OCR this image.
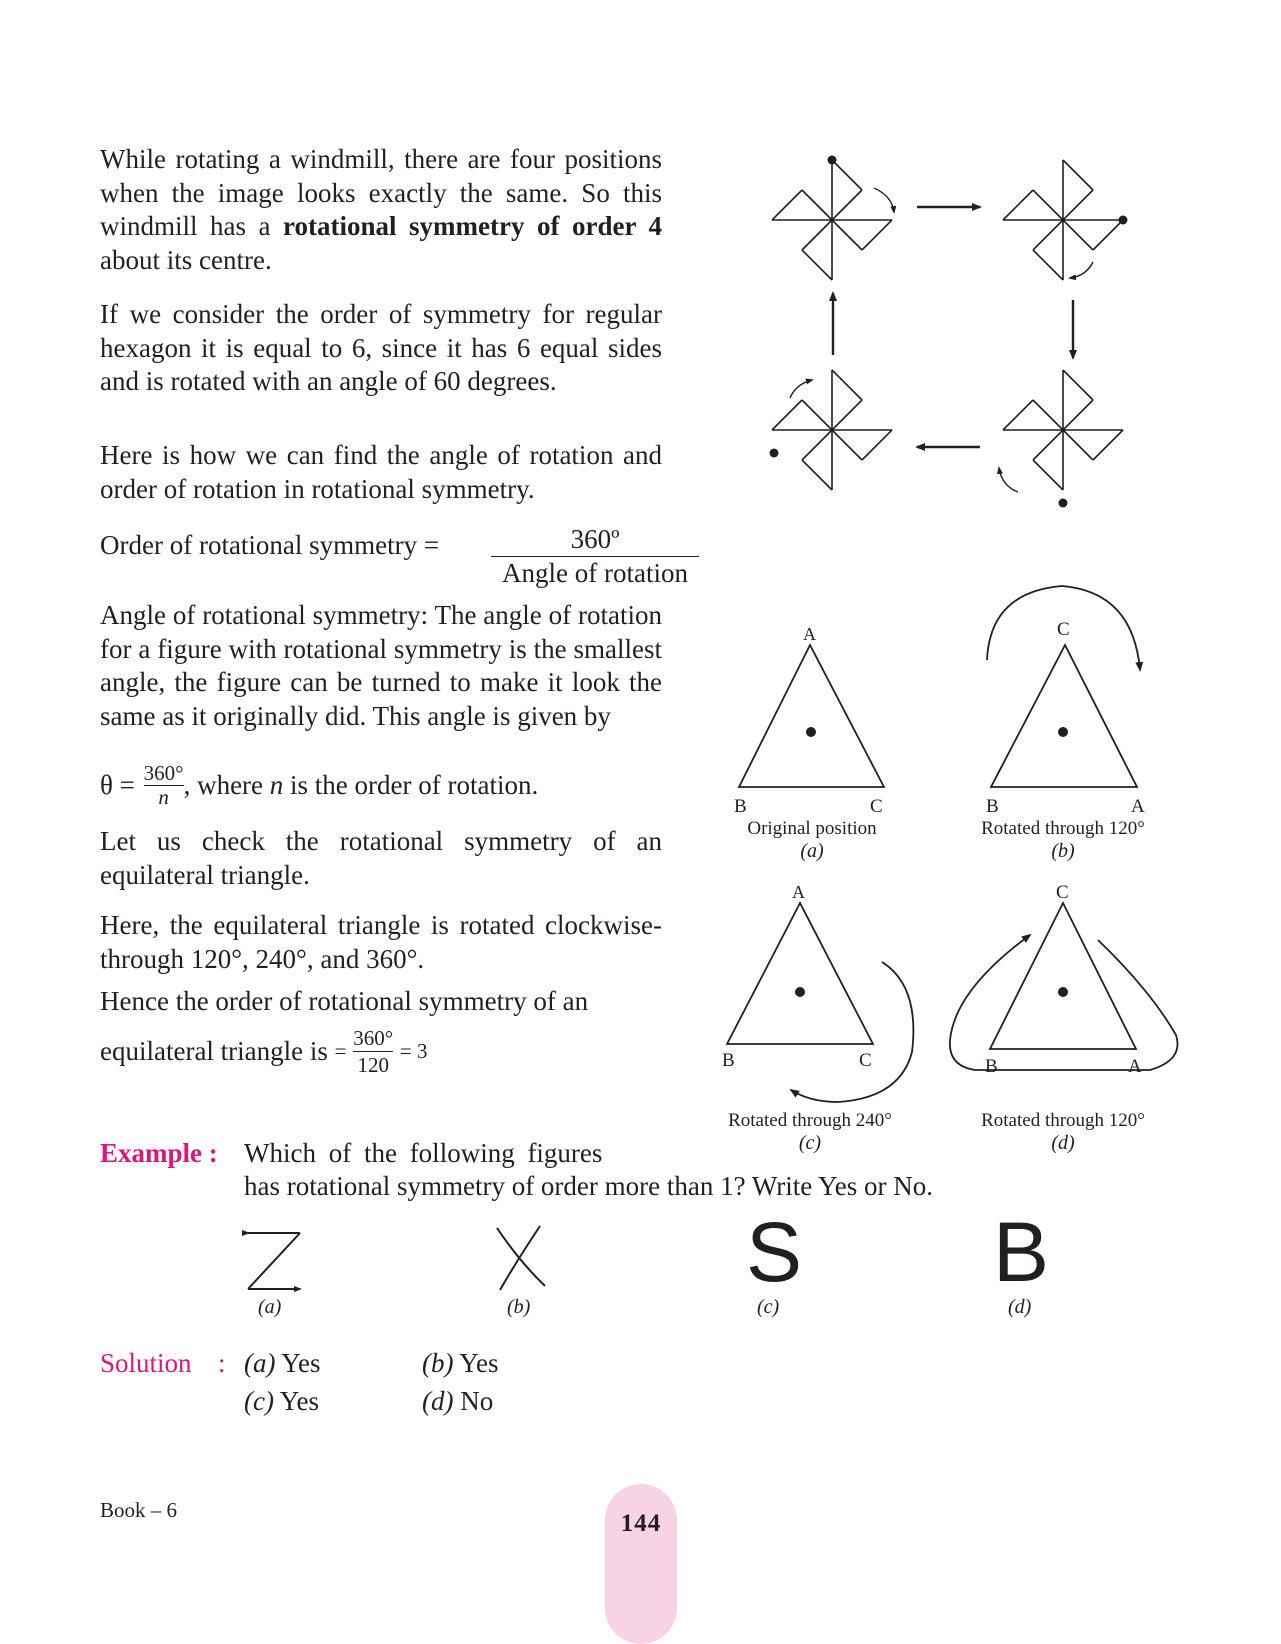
While rotating a windmill, there are four positions when the image looks exactly the same. So this windmill has a rotational symmetry of order 4 about its centre.

If we consider the order of symmetry for regular hexagon it is equal to 6, since it has 6 equal sides and is rotated with an angle of 60 degrees.

Here is how we can find the angle of rotation and order of rotation in rotational symmetry.

Order of rotational symmetry =	360º
Angle of rotation

Angle of rotational symmetry: The angle of rotation for a figure with rotational symmetry is the smallest angle, the figure can be turned to make it look the same as it originally did. This angle is given by

$\theta = \frac{360^\circ}{n}$ , where n is the order of rotation.

Let us check the rotational symmetry of an equilateral triangle.

Here, the equilateral triangle is rotated clockwise-through 120°, 240°, and 360°.

Hence the order of rotational symmetry of an

equilateral triangle is = $\frac{360^\circ}{120} = 3$
A
B	C
C
B	A
A
B	C
C
B	A
Original position
(a)
Rotated through 120°
(b)
Rotated through 240°
(c)
Rotated through 120°
(d)
Example : Which of the following figures
has rotational symmetry of order more than 1? Write Yes or No.
S B
(a)	(b)	(c)	(d)
Solution : (a) Yes	(b) Yes
(c) Yes	(d) No
Book – 6	144
